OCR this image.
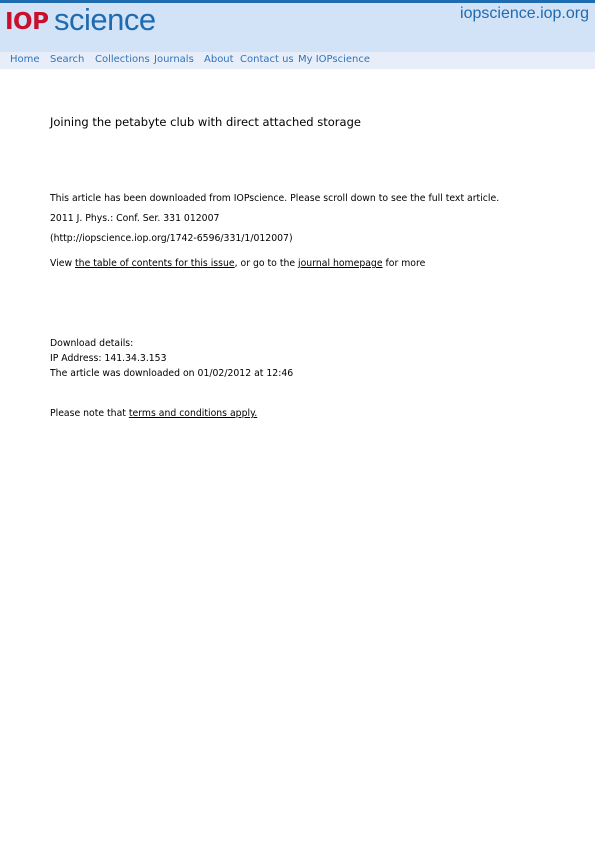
IOP science	iopscience.iop.org
Home Search Collections Journals About Contact us My IOPscience
Joining the petabyte club with direct attached storage
This article has been downloaded from IOPscience. Please scroll down to see the full text article.
2011 J. Phys.: Conf. Ser. 331 012007
(http://iopscience.iop.org/1742-6596/331/1/012007)
View the table of contents for this issue, or go to the journal homepage for more
Download details:
IP Address: 141.34.3.153
The article was downloaded on 01/02/2012 at 12:46
Please note that terms and conditions apply.
